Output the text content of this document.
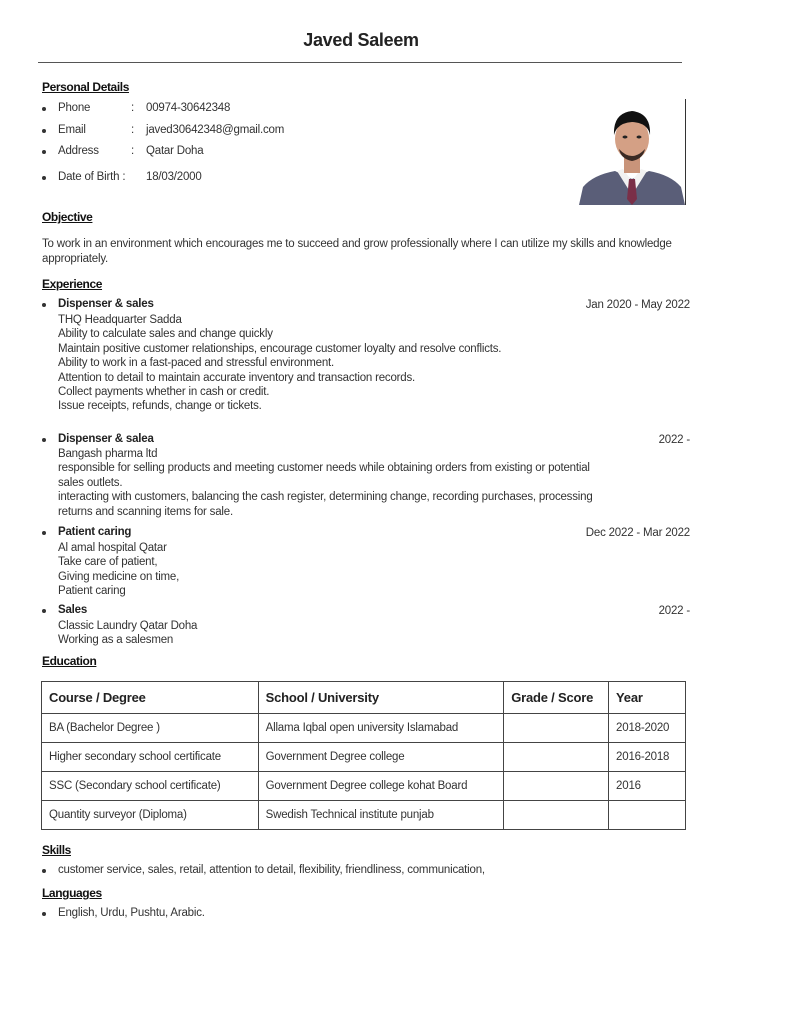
Javed Saleem
Personal Details
Phone	: 00974-30642348
Email	: javed30642348@gmail.com
Address	: Qatar Doha
Date of Birth : 18/03/2000
Objective
To work in an environment which encourages me to succeed and grow professionally where I can utilize my skills and knowledge appropriately.
Experience
Dispenser & sales	Jan 2020 - May 2022
THQ Headquarter Sadda
Ability to calculate sales and change quickly
Maintain positive customer relationships, encourage customer loyalty and resolve conflicts.
Ability to work in a fast-paced and stressful environment.
Attention to detail to maintain accurate inventory and transaction records.
Collect payments whether in cash or credit.
Issue receipts, refunds, change or tickets.
Dispenser & salea	2022 -
Bangash pharma ltd
responsible for selling products and meeting customer needs while obtaining orders from existing or potential
sales outlets.
interacting with customers, balancing the cash register, determining change, recording purchases, processing
returns and scanning items for sale.
Patient caring	Dec 2022 - Mar 2022
Al amal hospital Qatar
Take care of patient,
Giving medicine on time,
Patient caring
Sales	2022 -
Classic Laundry Qatar Doha
Working as a salesmen
Education
Course / Degree	School / University	Grade / Score	Year
BA (Bachelor Degree )	Allama Iqbal open university Islamabad		2018-2020
Higher secondary school certificate	Government Degree college		2016-2018
SSC (Secondary school certificate)	Government Degree college kohat Board		2016
Quantity surveyor (Diploma)	Swedish Technical institute punjab		
Skills
customer service, sales, retail, attention to detail, flexibility, friendliness, communication,
Languages
English, Urdu, Pushtu, Arabic.
